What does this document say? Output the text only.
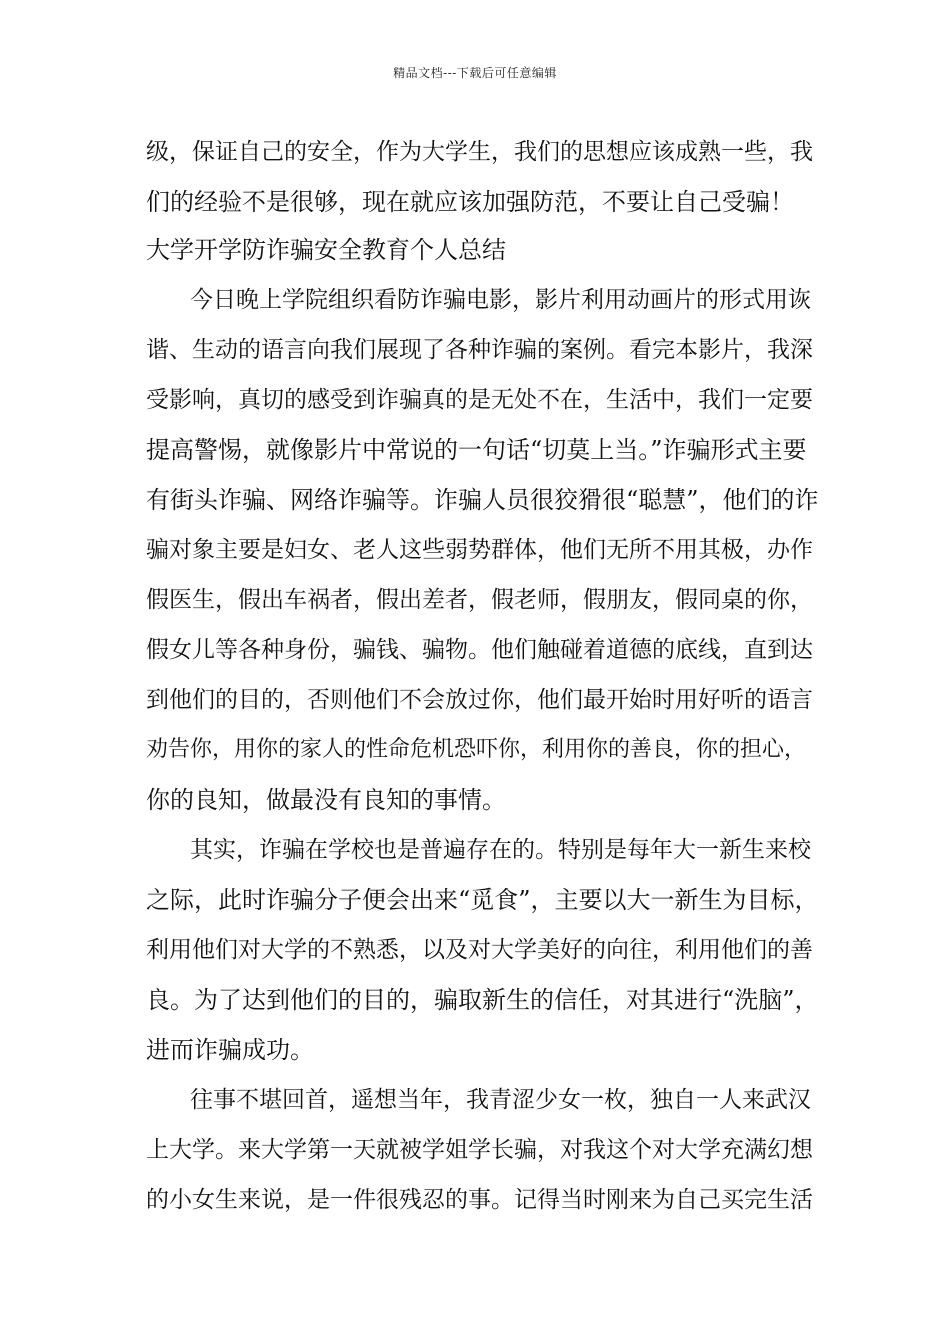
精品文档---下载后可任意编辑
级，保证自己的安全，作为大学生，我们的思想应该成熟一些，我
们的经验不是很够，现在就应该加强防范，不要让自己受骗！
大学开学防诈骗安全教育个人总结
今日晚上学院组织看防诈骗电影，影片利用动画片的形式用诙
谐、生动的语言向我们展现了各种诈骗的案例。看完本影片，我深
受影响，真切的感受到诈骗真的是无处不在，生活中，我们一定要
提高警惕，就像影片中常说的一句话“切莫上当。”诈骗形式主要
有街头诈骗、网络诈骗等。诈骗人员很狡猾很“聪慧”，他们的诈
骗对象主要是妇女、老人这些弱势群体，他们无所不用其极，办作
假医生，假出车祸者，假出差者，假老师，假朋友，假同桌的你，
假女儿等各种身份，骗钱、骗物。他们触碰着道德的底线，直到达
到他们的目的，否则他们不会放过你，他们最开始时用好听的语言
劝告你，用你的家人的性命危机恐吓你，利用你的善良，你的担心，
你的良知，做最没有良知的事情。
其实，诈骗在学校也是普遍存在的。特别是每年大一新生来校
之际，此时诈骗分子便会出来“觅食”，主要以大一新生为目标，
利用他们对大学的不熟悉，以及对大学美好的向往，利用他们的善
良。为了达到他们的目的，骗取新生的信任，对其进行“洗脑”，
进而诈骗成功。
往事不堪回首，遥想当年，我青涩少女一枚，独自一人来武汉
上大学。来大学第一天就被学姐学长骗，对我这个对大学充满幻想
的小女生来说，是一件很残忍的事。记得当时刚来为自己买完生活
